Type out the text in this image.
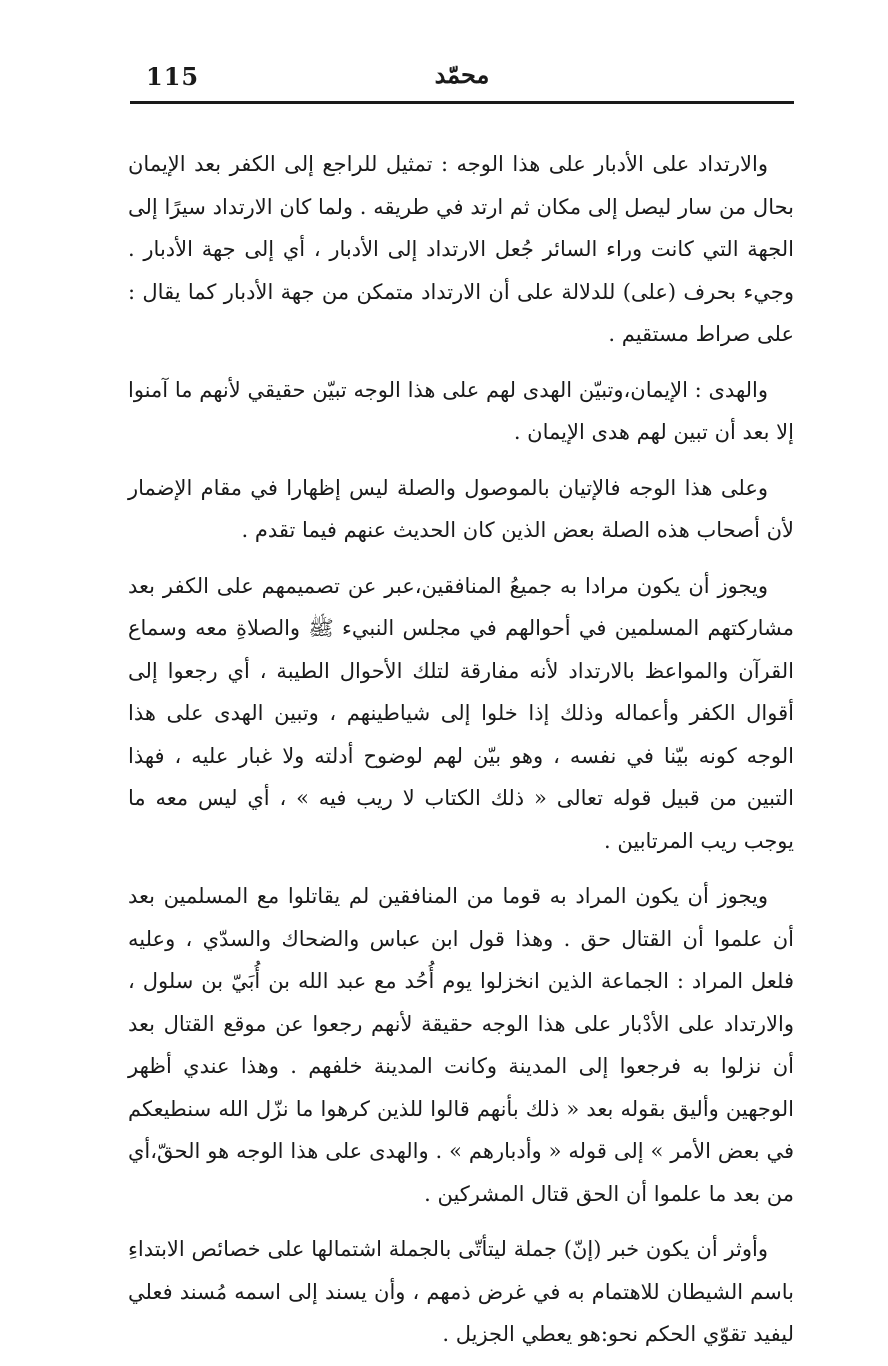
115	محمّد

والارتداد على الأدبار على هذا الوجه : تمثيل للراجع إلى الكفر بعد الإيمان بحال من سار ليصل إلى مكان ثم ارتد في طريقه . ولما كان الارتداد سيرًا إلى الجهة التي كانت وراء السائر جُعل الارتداد إلى الأدبار ، أي إلى جهة الأدبار . وجيء بحرف (على) للدلالة على أن الارتداد متمكن من جهة الأدبار كما يقال : على صراط مستقيم .

والهدى : الإيمان،وتبيّن الهدى لهم على هذا الوجه تبيّن حقيقي لأنهم ما آمنوا إلا بعد أن تبين لهم هدى الإيمان .

وعلى هذا الوجه فالإتيان بالموصول والصلة ليس إظهارا في مقام الإضمار لأن أصحاب هذه الصلة بعض الذين كان الحديث عنهم فيما تقدم .

ويجوز أن يكون مرادا به جميعُ المنافقين،عبر عن تصميمهم على الكفر بعد مشاركتهم المسلمين في أحوالهم في مجلس النبيء ﷺ والصلاةِ معه وسماع القرآن والمواعظ بالارتداد لأنه مفارقة لتلك الأحوال الطيبة ، أي رجعوا إلى أقوال الكفر وأعماله وذلك إذا خلوا إلى شياطينهم ، وتبين الهدى على هذا الوجه كونه بيّنا في نفسه ، وهو بيّن لهم لوضوح أدلته ولا غبار عليه ، فهذا التبين من قبيل قوله تعالى « ذلك الكتاب لا ريب فيه » ، أي ليس معه ما يوجب ريب المرتابين .

ويجوز أن يكون المراد به قوما من المنافقين لم يقاتلوا مع المسلمين بعد أن علموا أن القتال حق . وهذا قول ابن عباس والضحاك والسدّي ، وعليه فلعل المراد : الجماعة الذين انخزلوا يوم أُحُد مع عبد الله بن أُبَيّ بن سلول ، والارتداد على الأدْبار على هذا الوجه حقيقة لأنهم رجعوا عن موقع القتال بعد أن نزلوا به فرجعوا إلى المدينة وكانت المدينة خلفهم . وهذا عندي أظهر الوجهين وأليق بقوله بعد « ذلك بأنهم قالوا للذين كرهوا ما نزّل الله سنطيعكم في بعض الأمر » إلى قوله « وأدبارهم » . والهدى على هذا الوجه هو الحقّ،أي من بعد ما علموا أن الحق قتال المشركين .

وأوثر أن يكون خبر (إنّ) جملة ليتأتّى بالجملة اشتمالها على خصائص الابتداءِ باسم الشيطان للاهتمام به في غرض ذمهم ، وأن يسند إلى اسمه مُسند فعلي ليفيد تقوّي الحكم نحو:هو يعطي الجزيل .
